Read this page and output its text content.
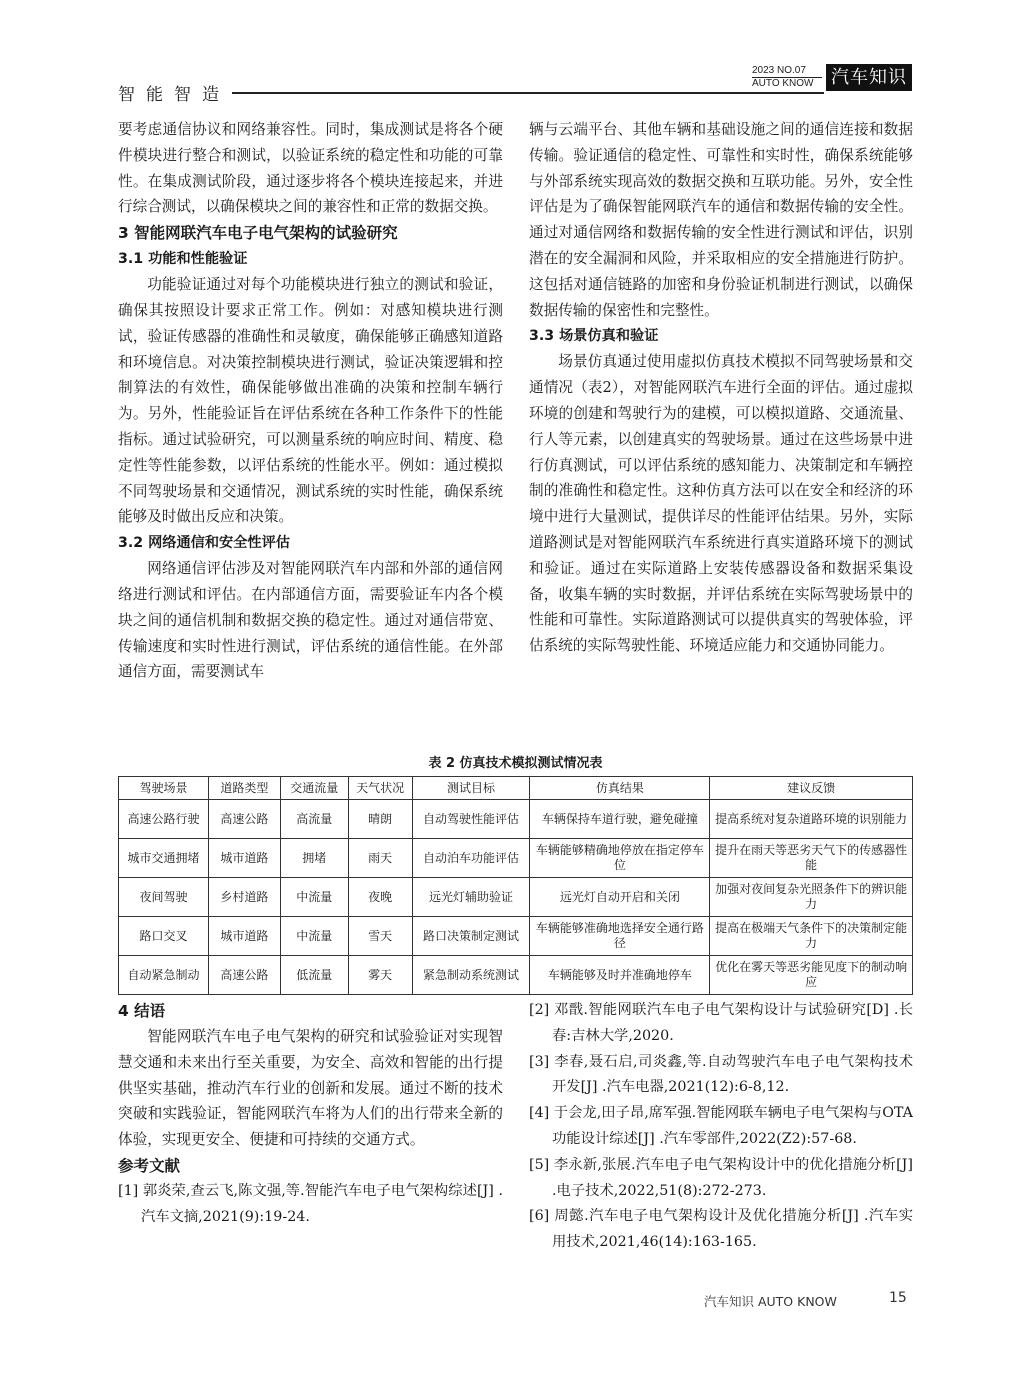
智能智造
2023 NO.07
AUTO KNOW 汽车知识

要考虑通信协议和网络兼容性。同时，集成测试是将各个硬件模块进行整合和测试，以验证系统的稳定性和功能的可靠性。在集成测试阶段，通过逐步将各个模块连接起来，并进行综合测试，以确保模块之间的兼容性和正常的数据交换。

3 智能网联汽车电子电气架构的试验研究
3.1 功能和性能验证

功能验证通过对每个功能模块进行独立的测试和验证，确保其按照设计要求正常工作。例如：对感知模块进行测试，验证传感器的准确性和灵敏度，确保能够正确感知道路和环境信息。对决策控制模块进行测试，验证决策逻辑和控制算法的有效性，确保能够做出准确的决策和控制车辆行为。另外，性能验证旨在评估系统在各种工作条件下的性能指标。通过试验研究，可以测量系统的响应时间、精度、稳定性等性能参数，以评估系统的性能水平。例如：通过模拟不同驾驶场景和交通情况，测试系统的实时性能，确保系统能够及时做出反应和决策。

3.2 网络通信和安全性评估

网络通信评估涉及对智能网联汽车内部和外部的通信网络进行测试和评估。在内部通信方面，需要验证车内各个模块之间的通信机制和数据交换的稳定性。通过对通信带宽、传输速度和实时性进行测试，评估系统的通信性能。在外部通信方面，需要测试车

辆与云端平台、其他车辆和基础设施之间的通信连接和数据传输。验证通信的稳定性、可靠性和实时性，确保系统能够与外部系统实现高效的数据交换和互联功能。另外，安全性评估是为了确保智能网联汽车的通信和数据传输的安全性。通过对通信网络和数据传输的安全性进行测试和评估，识别潜在的安全漏洞和风险，并采取相应的安全措施进行防护。这包括对通信链路的加密和身份验证机制进行测试，以确保数据传输的保密性和完整性。

3.3 场景仿真和验证

场景仿真通过使用虚拟仿真技术模拟不同驾驶场景和交通情况（表2），对智能网联汽车进行全面的评估。通过虚拟环境的创建和驾驶行为的建模，可以模拟道路、交通流量、行人等元素，以创建真实的驾驶场景。通过在这些场景中进行仿真测试，可以评估系统的感知能力、决策制定和车辆控制的准确性和稳定性。这种仿真方法可以在安全和经济的环境中进行大量测试，提供详尽的性能评估结果。另外，实际道路测试是对智能网联汽车系统进行真实道路环境下的测试和验证。通过在实际道路上安装传感器设备和数据采集设备，收集车辆的实时数据，并评估系统在实际驾驶场景中的性能和可靠性。实际道路测试可以提供真实的驾驶体验，评估系统的实际驾驶性能、环境适应能力和交通协同能力。

表 2 仿真技术模拟测试情况表
驾驶场景	道路类型	交通流量	天气状况	测试目标	仿真结果	建议反馈
高速公路行驶	高速公路	高流量	晴朗	自动驾驶性能评估	车辆保持车道行驶，避免碰撞	提高系统对复杂道路环境的识别能力
城市交通拥堵	城市道路	拥堵	雨天	自动泊车功能评估	车辆能够精确地停放在指定停车位	提升在雨天等恶劣天气下的传感器性能
夜间驾驶	乡村道路	中流量	夜晚	远光灯辅助验证	远光灯自动开启和关闭	加强对夜间复杂光照条件下的辨识能力
路口交叉	城市道路	中流量	雪天	路口决策制定测试	车辆能够准确地选择安全通行路径	提高在极端天气条件下的决策制定能力
自动紧急制动	高速公路	低流量	雾天	紧急制动系统测试	车辆能够及时并准确地停车	优化在雾天等恶劣能见度下的制动响应
4 结语

智能网联汽车电子电气架构的研究和试验验证对实现智慧交通和未来出行至关重要，为安全、高效和智能的出行提供坚实基础，推动汽车行业的创新和发展。通过不断的技术突破和实践验证，智能网联汽车将为人们的出行带来全新的体验，实现更安全、便捷和可持续的交通方式。

参考文献
[1] 郭炎荣,查云飞,陈文强,等.智能汽车电子电气架构综述[J] .汽车文摘,2021(9):19-24.
[2] 邓戬.智能网联汽车电子电气架构设计与试验研究[D] .长春:吉林大学,2020.
[3] 李春,聂石启,司炎鑫,等.自动驾驶汽车电子电气架构技术开发[J] .汽车电器,2021(12):6-8,12.
[4] 于会龙,田子昂,席军强.智能网联车辆电子电气架构与OTA功能设计综述[J] .汽车零部件,2022(Z2):57-68.
[5] 李永新,张展.汽车电子电气架构设计中的优化措施分析[J] .电子技术,2022,51(8):272-273.
[6] 周懿.汽车电子电气架构设计及优化措施分析[J] .汽车实用技术,2021,46(14):163-165.
汽车知识 AUTO KNOW	15
